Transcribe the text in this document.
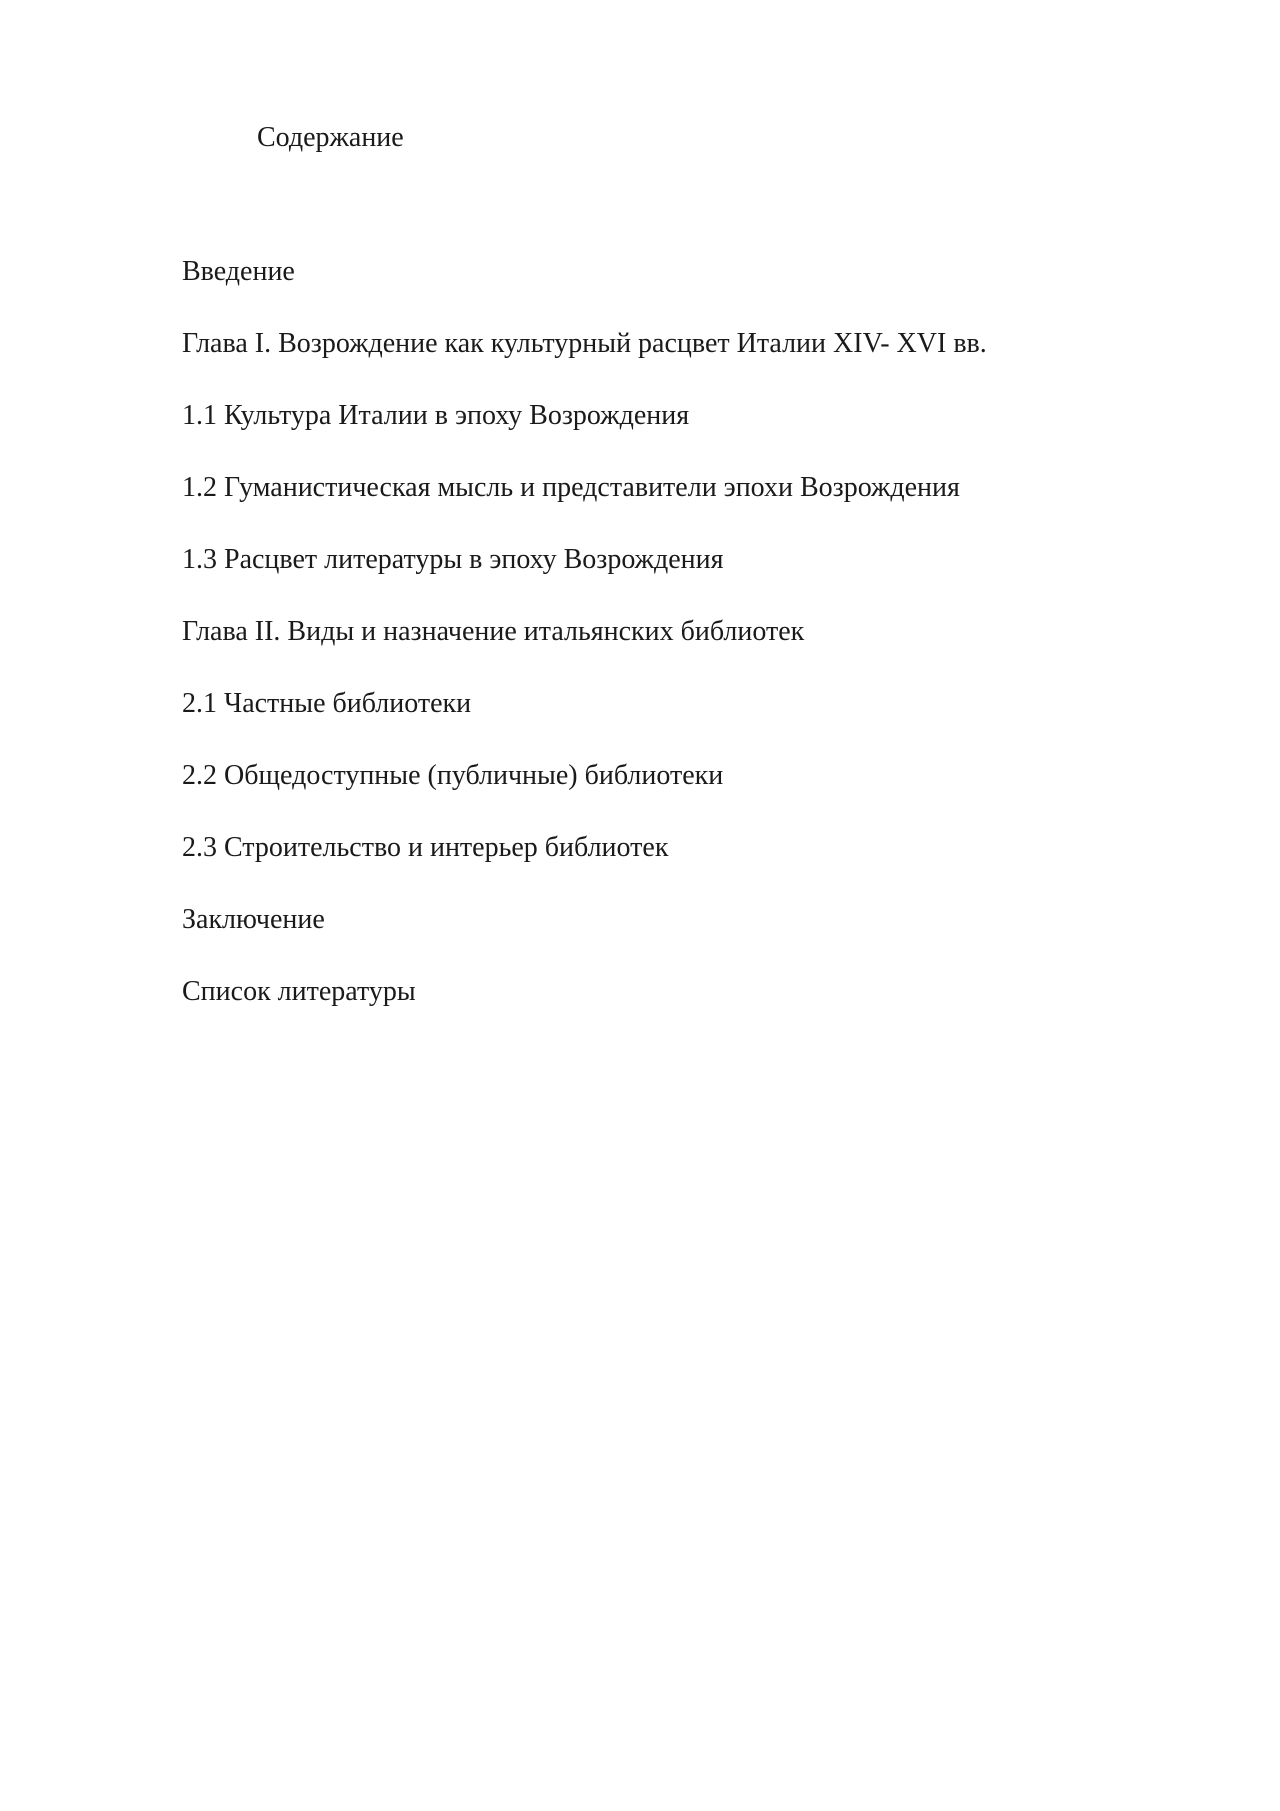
Содержание
Введение
Глава I. Возрождение как культурный расцвет Италии XIV- XVI вв.
1.1 Культура Италии в эпоху Возрождения
1.2 Гуманистическая мысль и представители эпохи Возрождения
1.3 Расцвет литературы в эпоху Возрождения
Глава II. Виды и назначение итальянских библиотек
2.1 Частные библиотеки
2.2 Общедоступные (публичные) библиотеки
2.3 Строительство и интерьер библиотек
Заключение
Список литературы
